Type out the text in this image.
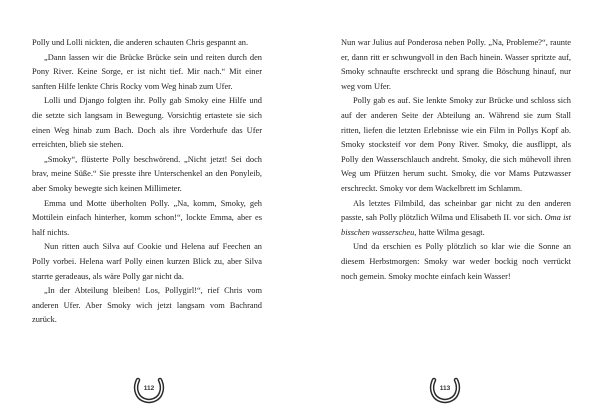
Polly und Lolli nickten, die anderen schauten Chris gespannt an.

„Dann lassen wir die Brücke Brücke sein und reiten durch den Pony River. Keine Sorge, er ist nicht tief. Mir nach.“ Mit einer sanften Hilfe lenkte Chris Rocky vom Weg hinab zum Ufer.

Lolli und Django folgten ihr. Polly gab Smoky eine Hilfe und die setzte sich langsam in Bewegung. Vorsichtig ertastete sie sich einen Weg hinab zum Bach. Doch als ihre Vorderhufe das Ufer erreichten, blieb sie stehen.

„Smoky“, flüsterte Polly beschwörend. „Nicht jetzt! Sei doch brav, meine Süße.“ Sie presste ihre Unterschenkel an den Ponyleib, aber Smoky bewegte sich keinen Millimeter.

Emma und Motte überholten Polly. „Na, komm, Smoky, geh Mottilein einfach hinterher, komm schon!“, lockte Emma, aber es half nichts.

Nun ritten auch Silva auf Cookie und Helena auf Feechen an Polly vorbei. Helena warf Polly einen kurzen Blick zu, aber Silva starrte geradeaus, als wäre Polly gar nicht da.

„In der Abteilung bleiben! Los, Pollygirl!“, rief Chris vom anderen Ufer. Aber Smoky wich jetzt langsam vom Bachrand zurück.

Nun war Julius auf Ponderosa neben Polly. „Na, Probleme?“, raunte er, dann ritt er schwungvoll in den Bach hinein. Wasser spritzte auf, Smoky schnaufte erschreckt und sprang die Böschung hinauf, nur weg vom Ufer.

Polly gab es auf. Sie lenkte Smoky zur Brücke und schloss sich auf der anderen Seite der Abteilung an. Während sie zum Stall ritten, liefen die letzten Erlebnisse wie ein Film in Pollys Kopf ab. Smoky stocksteif vor dem Pony River. Smoky, die ausflippt, als Polly den Wasserschlauch andreht. Smoky, die sich mühevoll ihren Weg um Pfützen herum sucht. Smoky, die vor Mams Putzwasser erschreckt. Smoky vor dem Wackelbrett im Schlamm.

Als letztes Filmbild, das scheinbar gar nicht zu den anderen passte, sah Polly plötzlich Wilma und Elisabeth II. vor sich. Oma ist bisschen wasserscheu, hatte Wilma gesagt.

Und da erschien es Polly plötzlich so klar wie die Sonne an diesem Herbstmorgen: Smoky war weder bockig noch verrückt noch gemein. Smoky mochte einfach kein Wasser!

112	113
